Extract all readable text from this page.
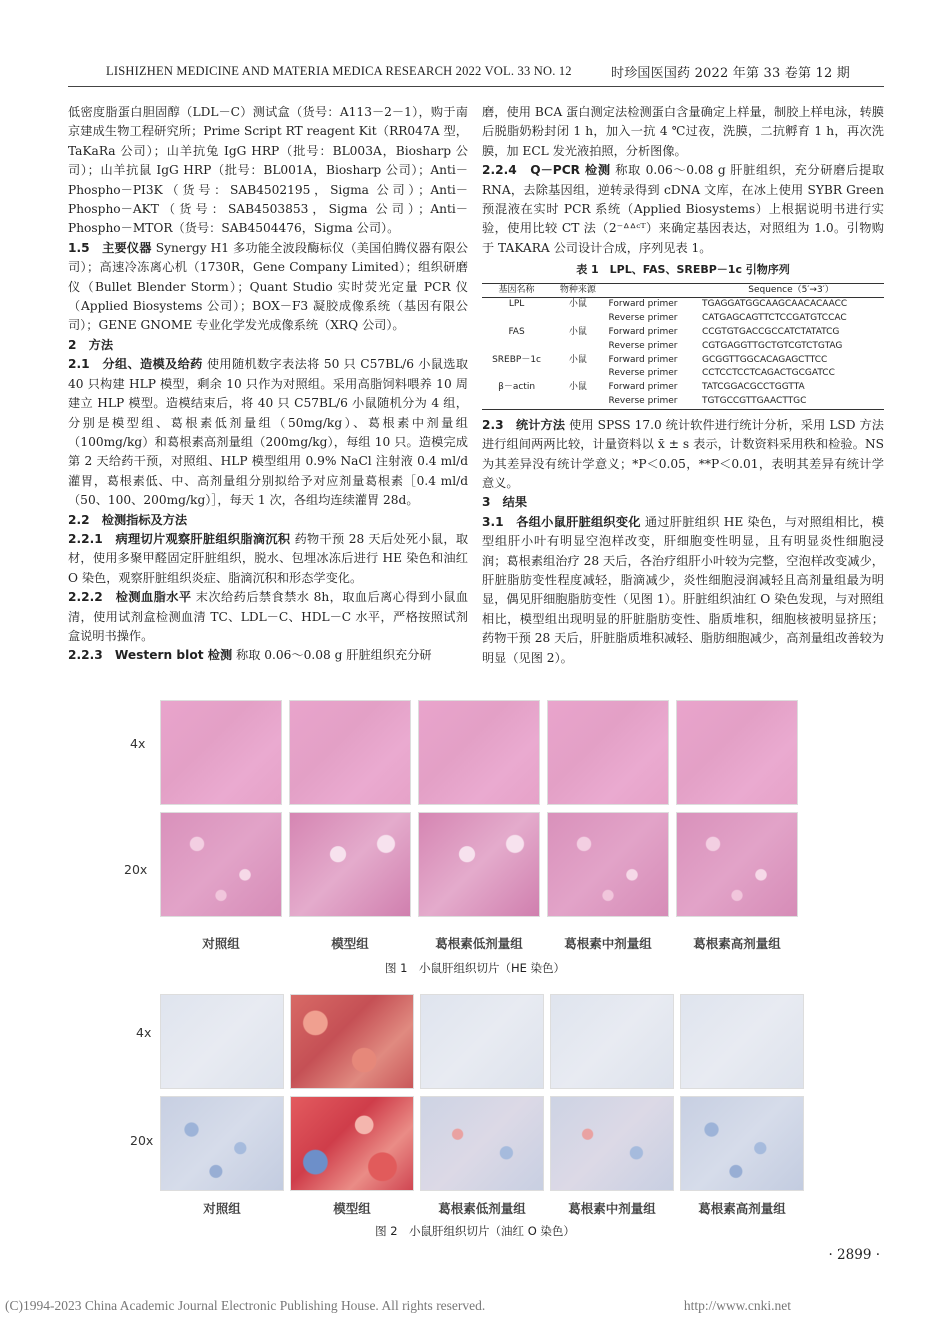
LISHIZHEN MEDICINE AND MATERIA MEDICA RESEARCH 2022 VOL. 33 NO. 12	时珍国医国药 2022 年第 33 卷第 12 期

低密度脂蛋白胆固醇（LDL－C）测试盒（货号：A113－2－1），购于南京建成生物工程研究所；Prime Script RT reagent Kit（RR047A 型，TaKaRa 公司）；山羊抗兔 IgG HRP（批号：BL003A，Biosharp 公司）；山羊抗鼠 IgG HRP（批号：BL001A，Biosharp 公司）；Anti－Phospho－PI3K（货号：SAB4502195，Sigma 公司）；Anti－Phospho－AKT（货号：SAB4503853，Sigma 公司）；Anti－Phospho－MTOR（货号：SAB4504476，Sigma 公司）。

1.5　主要仪器 Synergy H1 多功能全波段酶标仪（美国伯腾仪器有限公司）；高速冷冻离心机（1730R，Gene Company Limited）；组织研磨仪（Bullet Blender Storm）；Quant Studio 实时荧光定量 PCR 仪（Applied Biosystems 公司）；BOX－F3 凝胶成像系统（基因有限公司）；GENE GNOME 专业化学发光成像系统（XRQ 公司）。

2　方法

2.1　分组、造模及给药 使用随机数字表法将 50 只 C57BL/6 小鼠选取 40 只构建 HLP 模型，剩余 10 只作为对照组。采用高脂饲料喂养 10 周建立 HLP 模型。造模结束后，将 40 只 C57BL/6 小鼠随机分为 4 组，分别是模型组、葛根素低剂量组（50mg/kg）、葛根素中剂量组（100mg/kg）和葛根素高剂量组（200mg/kg），每组 10 只。造模完成第 2 天给药干预，对照组、HLP 模型组用 0.9% NaCl 注射液 0.4 ml/d 灌胃，葛根素低、中、高剂量组分别拟给予对应剂量葛根素［0.4 ml/d（50、100、200mg/kg）］，每天 1 次，各组均连续灌胃 28d。

2.2　检测指标及方法

2.2.1　病理切片观察肝脏组织脂滴沉积 药物干预 28 天后处死小鼠，取材，使用多聚甲醛固定肝脏组织，脱水、包埋冰冻后进行 HE 染色和油红 O 染色，观察肝脏组织炎症、脂滴沉积和形态学变化。

2.2.2　检测血脂水平 末次给药后禁食禁水 8h，取血后离心得到小鼠血清，使用试剂盒检测血清 TC、LDL－C、HDL－C 水平，严格按照试剂盒说明书操作。

2.2.3　Western blot 检测 称取 0.06～0.08 g 肝脏组织充分研

磨，使用 BCA 蛋白测定法检测蛋白含量确定上样量，制胶上样电泳，转膜后脱脂奶粉封闭 1 h，加入一抗 4 ℃过夜，洗膜，二抗孵育 1 h，再次洗膜，加 ECL 发光液拍照，分析图像。

2.2.4　Q－PCR 检测 称取 0.06～0.08 g 肝脏组织，充分研磨后提取 RNA，去除基因组，逆转录得到 cDNA 文库，在冰上使用 SYBR Green 预混液在实时 PCR 系统（Applied Biosystems）上根据说明书进行实验，使用比较 CT 法（2⁻ᐞᐞᶜᵀ）来确定基因表达，对照组为 1.0。引物购于 TAKARA 公司设计合成，序列见表 1。

表 1　LPL、FAS、SREBP－1c 引物序列
基因名称	物种来源		Sequence（5′→3′）
LPL	小鼠	Forward primer	TGAGGATGGCAAGCAACACAACC
		Reverse primer	CATGAGCAGTTCTCCGATGTCCAC
FAS	小鼠	Forward primer	CCGTGTGACCGCCATCTATATCG
		Reverse primer	CGTGAGGTTGCTGTCGTCTGTAG
SREBP－1c	小鼠	Forward primer	GCGGTTGGCACAGAGCTTCC
		Reverse primer	CCTCCTCCTCAGACTGCGATCC
β－actin	小鼠	Forward primer	TATCGGACGCCTGGTTA
		Reverse primer	TGTGCCGTTGAACTTGC

2.3　统计方法 使用 SPSS 17.0 统计软件进行统计分析，采用 LSD 方法进行组间两两比较，计量资料以 x̄ ± s 表示，计数资料采用秩和检验。NS 为其差异没有统计学意义；*P＜0.05，**P＜0.01，表明其差异有统计学意义。

3　结果

3.1　各组小鼠肝脏组织变化 通过肝脏组织 HE 染色，与对照组相比，模型组肝小叶有明显空泡样改变，肝细胞变性明显，且有明显炎性细胞浸润；葛根素组治疗 28 天后，各治疗组肝小叶较为完整，空泡样改变减少，肝脏脂肪变性程度减轻，脂滴减少，炎性细胞浸润减轻且高剂量组最为明显，偶见肝细胞脂肪变性（见图 1）。肝脏组织油红 O 染色发现，与对照组相比，模型组出现明显的肝脏脂肪变性、脂质堆积，细胞核被明显挤压；药物干预 28 天后，肝脏脂质堆积减轻、脂肪细胞减少，高剂量组改善较为明显（见图 2）。

4x
20x
对照组	模型组	葛根素低剂量组	葛根素中剂量组	葛根素高剂量组
图 1　小鼠肝组织切片（HE 染色）
4x
20x
对照组	模型组	葛根素低剂量组	葛根素中剂量组	葛根素高剂量组
图 2　小鼠肝组织切片（油红 O 染色）
· 2899 ·
(C)1994-2023 China Academic Journal Electronic Publishing House. All rights reserved.	http://www.cnki.net
